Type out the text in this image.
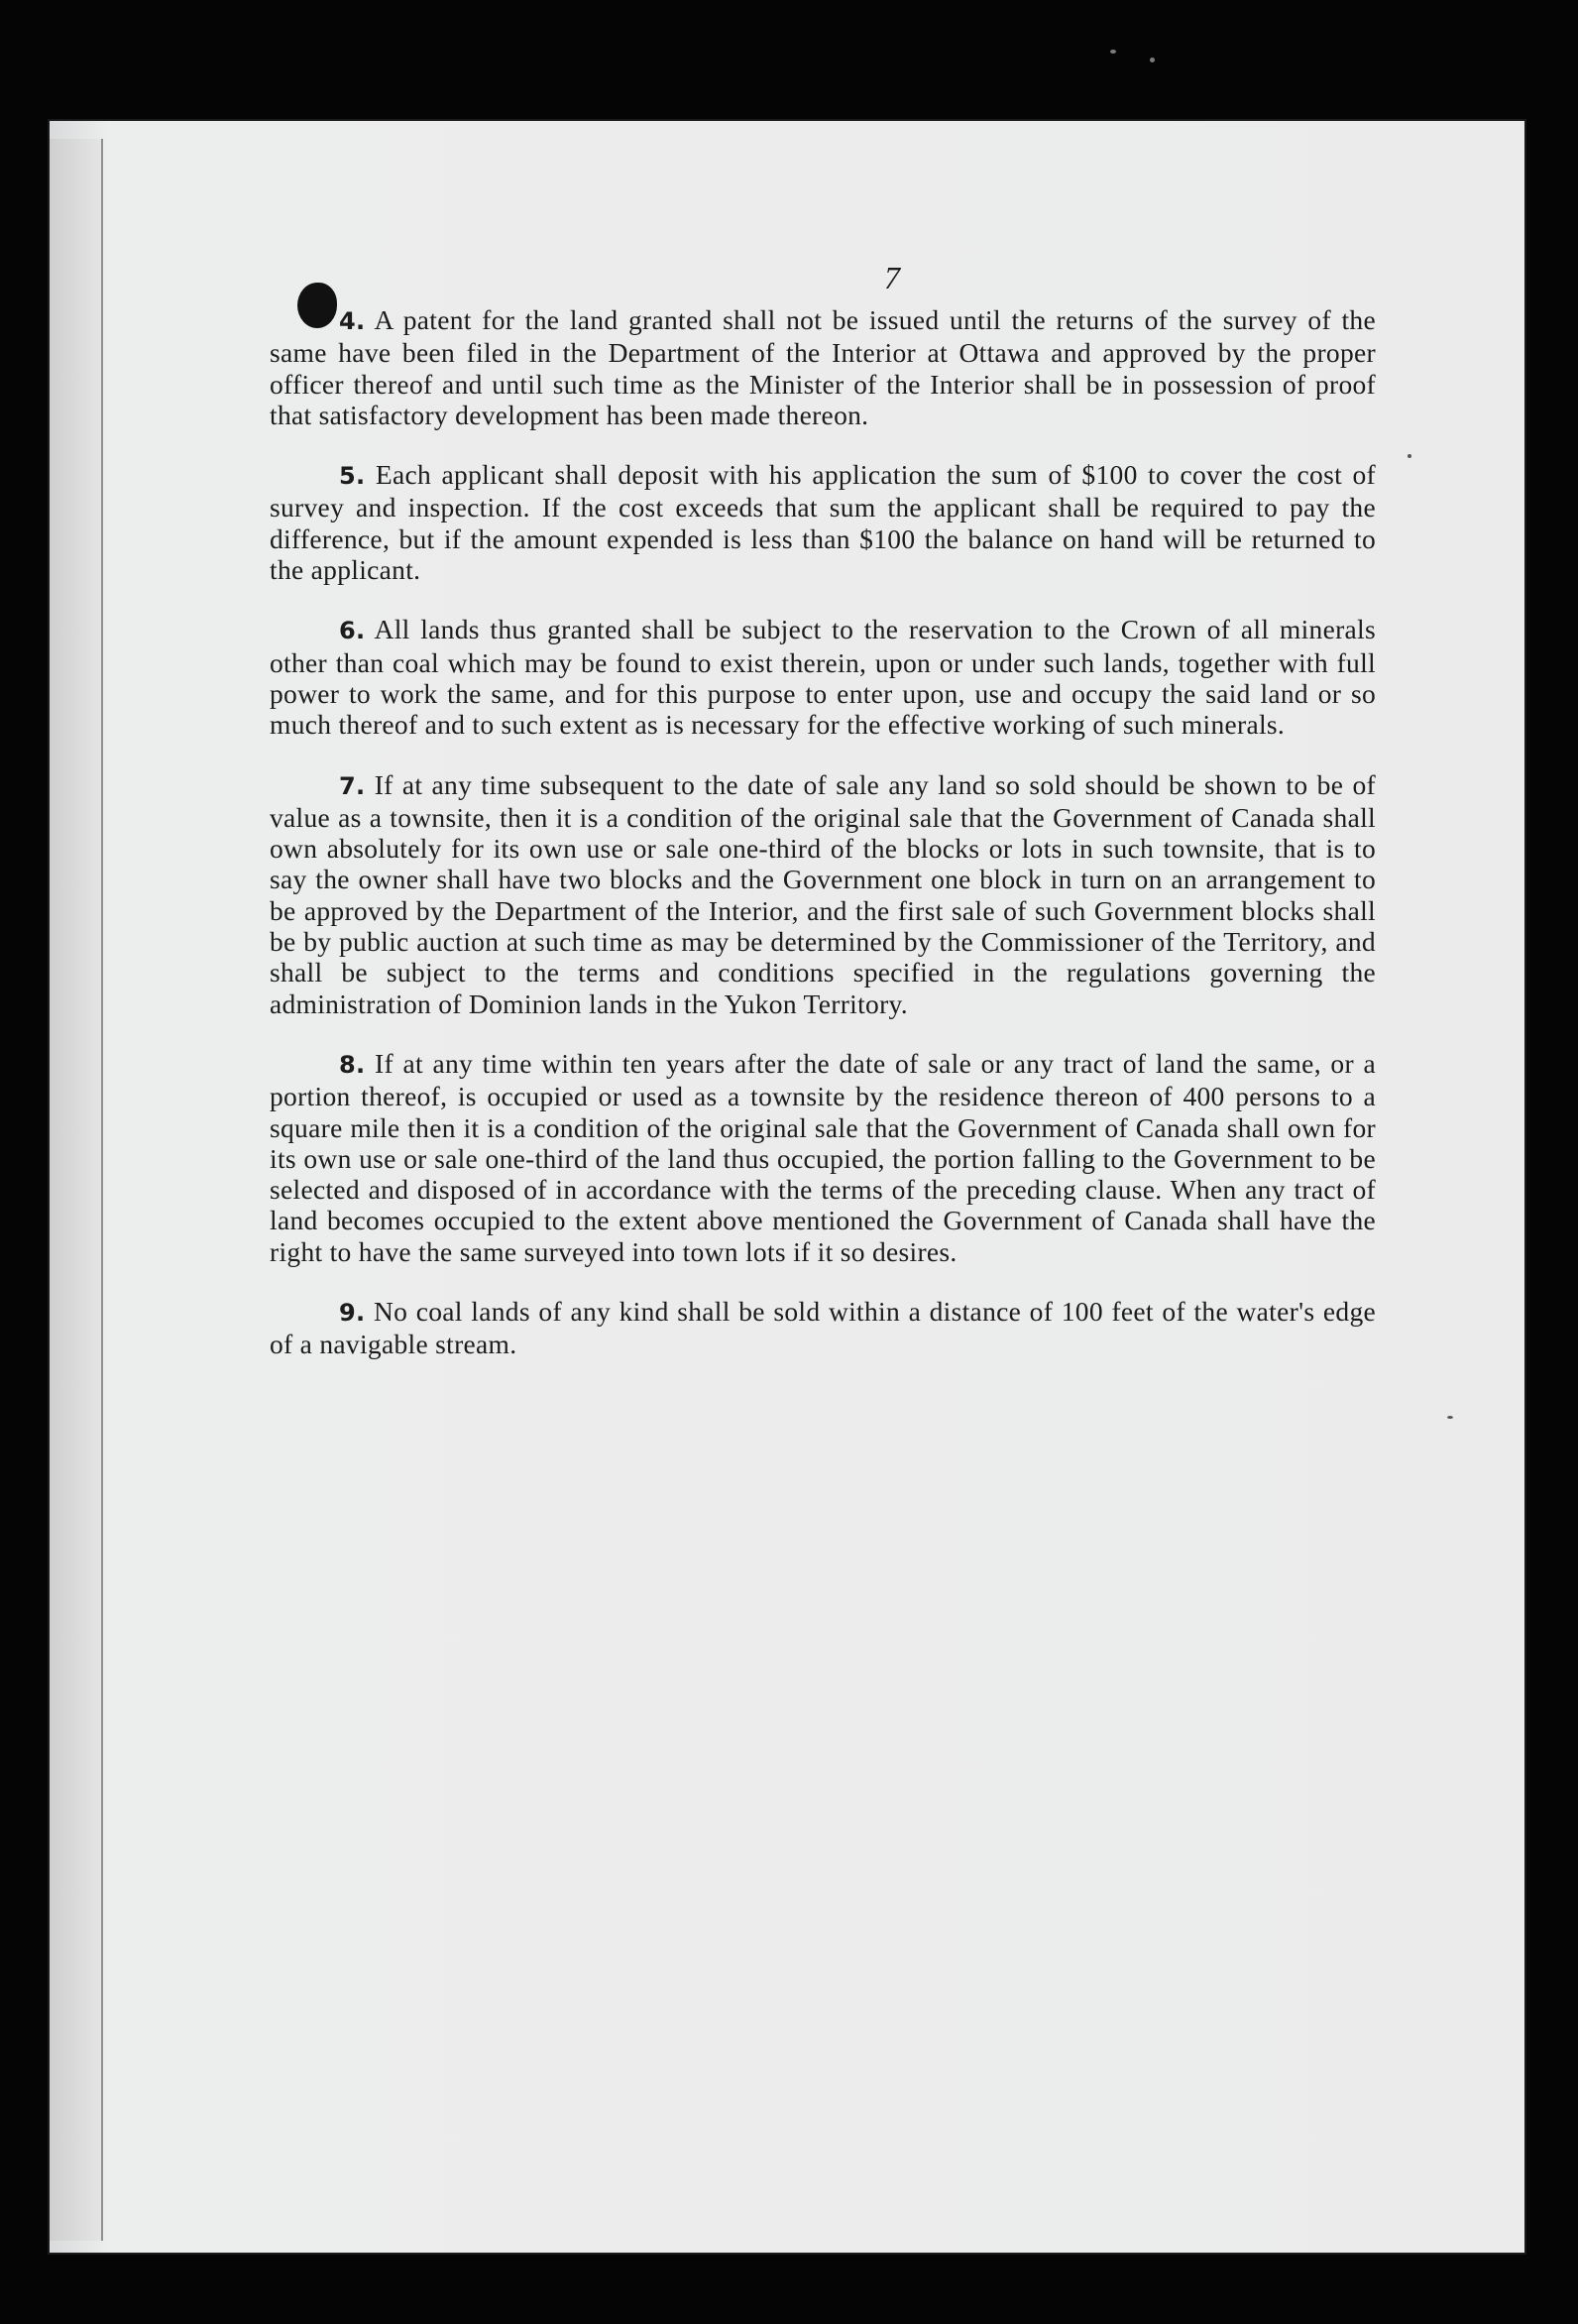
7

4. A patent for the land granted shall not be issued until the returns of the survey of the same have been filed in the Department of the Interior at Ottawa and approved by the proper officer thereof and until such time as the Minister of the Interior shall be in possession of proof that satisfactory development has been made thereon.

5. Each applicant shall deposit with his application the sum of $100 to cover the cost of survey and inspection. If the cost exceeds that sum the applicant shall be required to pay the difference, but if the amount expended is less than $100 the balance on hand will be returned to the applicant.

6. All lands thus granted shall be subject to the reservation to the Crown of all minerals other than coal which may be found to exist therein, upon or under such lands, together with full power to work the same, and for this purpose to enter upon, use and occupy the said land or so much thereof and to such extent as is necessary for the effective working of such minerals.

7. If at any time subsequent to the date of sale any land so sold should be shown to be of value as a townsite, then it is a condition of the original sale that the Government of Canada shall own absolutely for its own use or sale one-third of the blocks or lots in such townsite, that is to say the owner shall have two blocks and the Government one block in turn on an arrangement to be approved by the Department of the Interior, and the first sale of such Government blocks shall be by public auction at such time as may be determined by the Commissioner of the Territory, and shall be subject to the terms and conditions specified in the regulations governing the administration of Dominion lands in the Yukon Territory.

8. If at any time within ten years after the date of sale or any tract of land the same, or a portion thereof, is occupied or used as a townsite by the residence thereon of 400 persons to a square mile then it is a condition of the original sale that the Government of Canada shall own for its own use or sale one-third of the land thus occupied, the portion falling to the Government to be selected and disposed of in accordance with the terms of the preceding clause. When any tract of land becomes occupied to the extent above mentioned the Government of Canada shall have the right to have the same surveyed into town lots if it so desires.

9. No coal lands of any kind shall be sold within a distance of 100 feet of the water's edge of a navigable stream.
